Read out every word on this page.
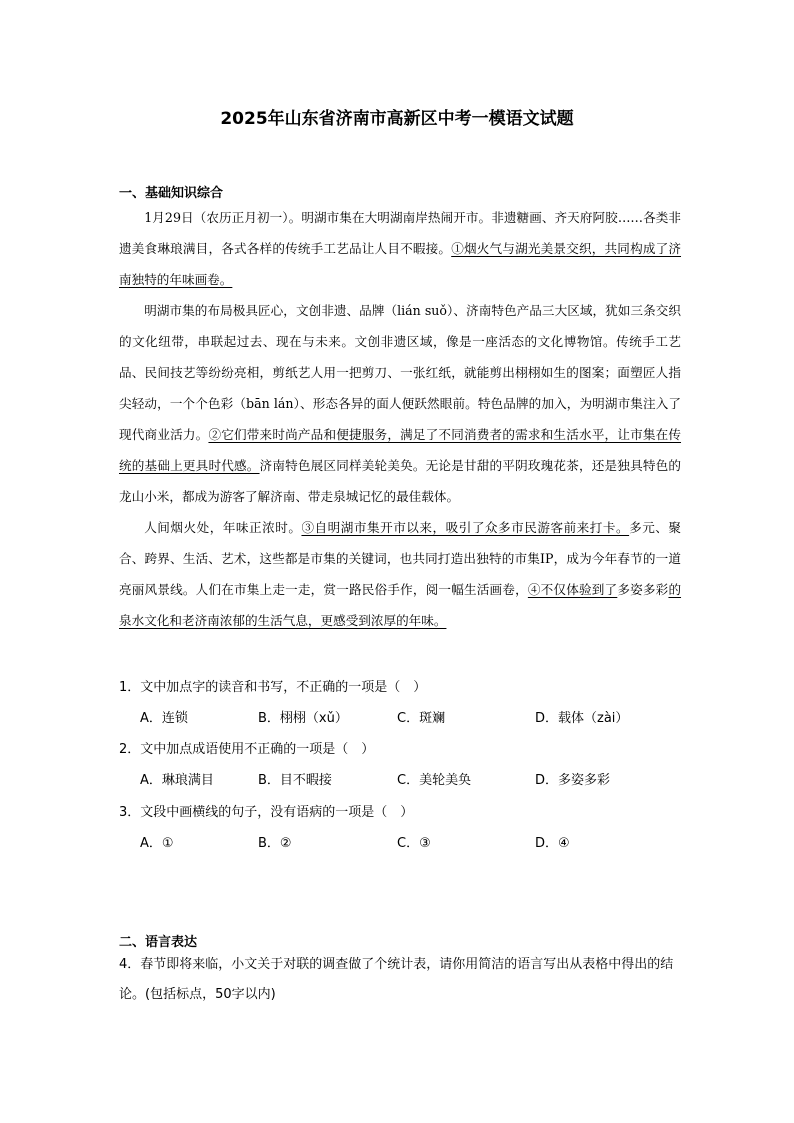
2025年山东省济南市高新区中考一模语文试题
一、基础知识综合

1月29日（农历正月初一）。明湖市集在大明湖南岸热闹开市。非遗糖画、齐天府阿胶……各类非遗美食琳琅满目，各式各样的传统手工艺品让人目不暇接。①烟火气与湖光美景交织，共同构成了济南独特的年味画卷。

明湖市集的布局极具匠心，文创非遗、品牌（lián suǒ）、济南特色产品三大区域，犹如三条交织的文化纽带，串联起过去、现在与未来。文创非遗区域，像是一座活态的文化博物馆。传统手工艺品、民间技艺等纷纷亮相，剪纸艺人用一把剪刀、一张红纸，就能剪出栩栩如生的图案；面塑匠人指尖轻动，一个个色彩（bān lán）、形态各异的面人便跃然眼前。特色品牌的加入，为明湖市集注入了现代商业活力。②它们带来时尚产品和便捷服务，满足了不同消费者的需求和生活水平，让市集在传统的基础上更具时代感。济南特色展区同样美轮美奂。无论是甘甜的平阴玫瑰花茶，还是独具特色的龙山小米，都成为游客了解济南、带走泉城记忆的最佳载体。

人间烟火处，年味正浓时。③自明湖市集开市以来，吸引了众多市民游客前来打卡。多元、聚合、跨界、生活、艺术，这些都是市集的关键词，也共同打造出独特的市集IP，成为今年春节的一道亮丽风景线。人们在市集上走一走，赏一路民俗手作，阅一幅生活画卷，④不仅体验到了多姿多彩的泉水文化和老济南浓郁的生活气息，更感受到浓厚的年味。

1．文中加点字的读音和书写，不正确的一项是（　）
A．连锁	B．栩栩（xǔ）	C．斑斓	D．载体（zài）
2．文中加点成语使用不正确的一项是（　）
A．琳琅满目	B．目不暇接	C．美轮美奂	D．多姿多彩
3．文段中画横线的句子，没有语病的一项是（　）
A．①	B．②	C．③	D．④
二、语言表达
4．春节即将来临，小文关于对联的调查做了个统计表，请你用简洁的语言写出从表格中得出的结论。(包括标点，50字以内)
